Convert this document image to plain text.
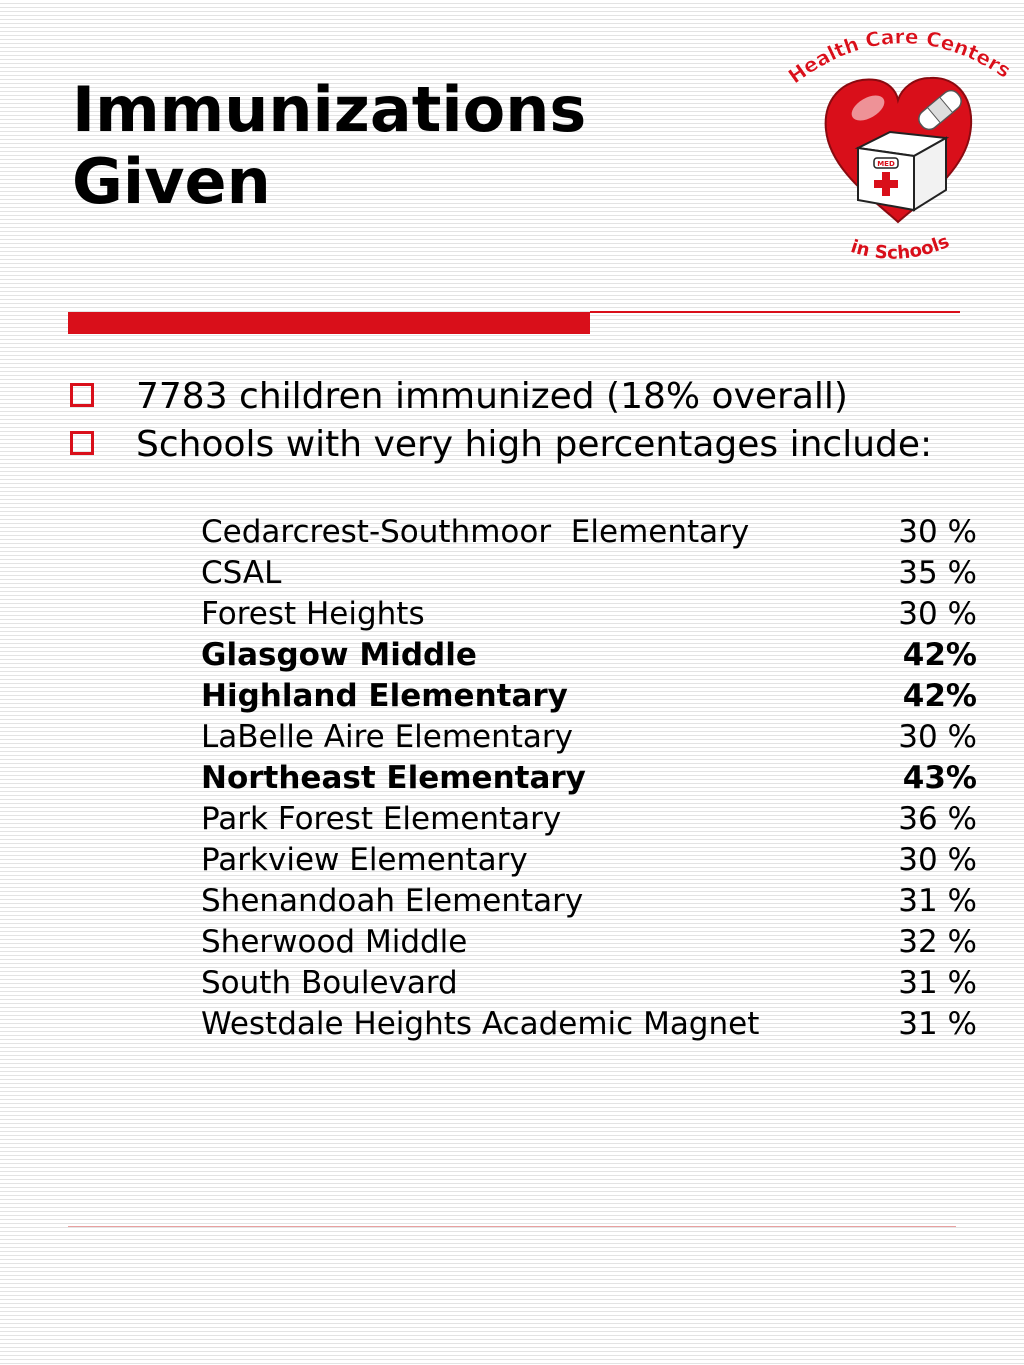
Immunizations
Given	MED
Health Care Centers
in Schools
7783 children immunized (18% overall)
Schools with very high percentages include:
Cedarcrest-Southmoor  Elementary	30 %
CSAL	35 %
Forest Heights	30 %
Glasgow Middle	42%
Highland Elementary	42%
LaBelle Aire Elementary	30 %
Northeast Elementary	43%
Park Forest Elementary	36 %
Parkview Elementary	30 %
Shenandoah Elementary	31 %
Sherwood Middle	32 %
South Boulevard	31 %
Westdale Heights Academic Magnet	31 %
